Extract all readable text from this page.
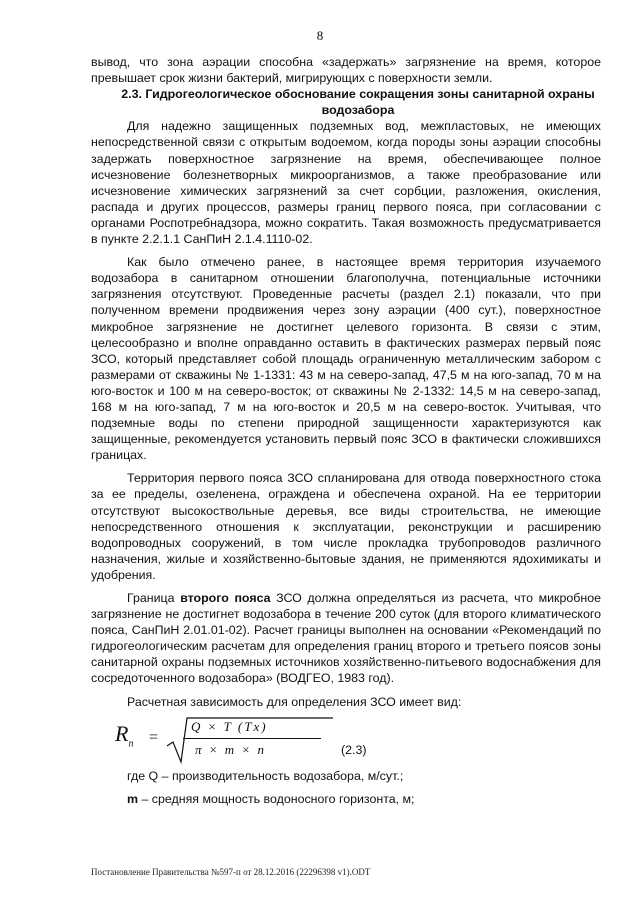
8

вывод, что зона аэрации способна «задержать» загрязнение на время, которое превышает срок жизни бактерий, мигрирующих с поверхности земли.

2.3. Гидрогеологическое обоснование сокращения зоны санитарной охраны водозабора

Для надежно защищенных подземных вод, межпластовых, не имеющих непосредственной связи с открытым водоемом, когда породы зоны аэрации способны задержать поверхностное загрязнение на время, обеспечивающее полное исчезновение болезнетворных микроорганизмов, а также преобразование или исчезновение химических загрязнений за счет сорбции, разложения, окисления, распада и других процессов, размеры границ первого пояса, при согласовании с органами Роспотребнадзора, можно сократить. Такая возможность предусматривается в пункте 2.2.1.1 СанПиН 2.1.4.1110-02.

Как было отмечено ранее, в настоящее время территория изучаемого водозабора в санитарном отношении благополучна, потенциальные источники загрязнения отсутствуют. Проведенные расчеты (раздел 2.1) показали, что при полученном времени продвижения через зону аэрации (400 сут.), поверхностное микробное загрязнение не достигнет целевого горизонта. В связи с этим, целесообразно и вполне оправданно оставить в фактических размерах первый пояс ЗСО, который представляет собой площадь ограниченную металлическим забором с размерами от скважины № 1-1331: 43 м на северо-запад, 47,5 м на юго-запад, 70 м на юго-восток и 100 м на северо-восток; от скважины № 2-1332: 14,5 м на северо-запад, 168 м на юго-запад, 7 м на юго-восток и 20,5 м на северо-восток. Учитывая, что подземные воды по степени природной защищенности характеризуются как защищенные, рекомендуется установить первый пояс ЗСО в фактически сложившихся границах.

Территория первого пояса ЗСО спланирована для отвода поверхностного стока за ее пределы, озеленена, ограждена и обеспечена охраной. На ее территории отсутствуют высокоствольные деревья, все виды строительства, не имеющие непосредственного отношения к эксплуатации, реконструкции и расширению водопроводных сооружений, в том числе прокладка трубопроводов различного назначения, жилые и хозяйственно-бытовые здания, не применяются ядохимикаты и удобрения.

Граница второго пояса ЗСО должна определяться из расчета, что микробное загрязнение не достигнет водозабора в течение 200 суток (для второго климатического пояса, СанПиН 2.01.01-02). Расчет границы выполнен на основании «Рекомендаций по гидрогеологическим расчетам для определения границ второго и третьего поясов зоны санитарной охраны подземных источников хозяйственно-питьевого водоснабжения для сосредоточенного водозабора» (ВОДГЕО, 1983 год).

Расчетная зависимость для определения ЗСО имеет вид:

$R_п$ =
Q × T (Tx)
π × m × n	(2.3)

где Q – производительность водозабора, м/сут.;

m – средняя мощность водоносного горизонта, м;

Постановление Правительства №597-п от 28.12.2016 (22296398 v1).ODT
